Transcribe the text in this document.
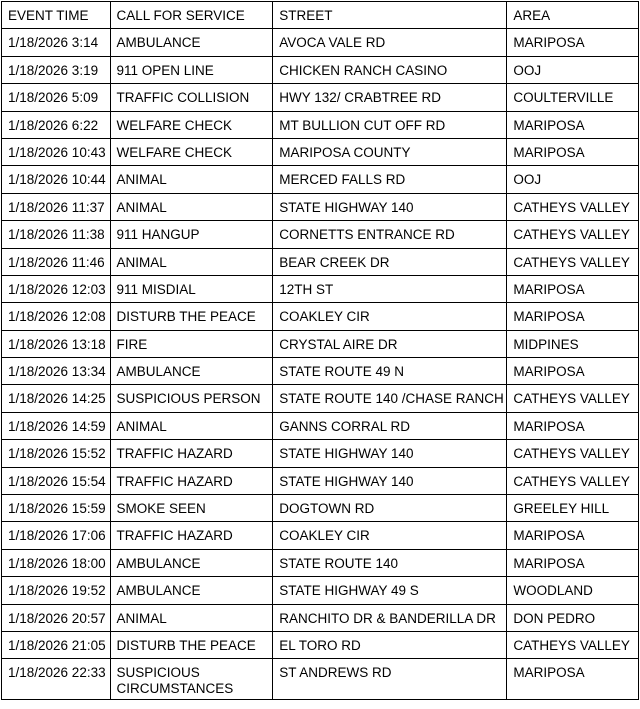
EVENT TIME	CALL FOR SERVICE	STREET	AREA
1/18/2026 3:14	AMBULANCE	AVOCA VALE RD	MARIPOSA
1/18/2026 3:19	911 OPEN LINE	CHICKEN RANCH CASINO	OOJ
1/18/2026 5:09	TRAFFIC COLLISION	HWY 132/ CRABTREE RD	COULTERVILLE
1/18/2026 6:22	WELFARE CHECK	MT BULLION CUT OFF RD	MARIPOSA
1/18/2026 10:43	WELFARE CHECK	MARIPOSA COUNTY	MARIPOSA
1/18/2026 10:44	ANIMAL	MERCED FALLS RD	OOJ
1/18/2026 11:37	ANIMAL	STATE HIGHWAY 140	CATHEYS VALLEY
1/18/2026 11:38	911 HANGUP	CORNETTS ENTRANCE RD	CATHEYS VALLEY
1/18/2026 11:46	ANIMAL	BEAR CREEK DR	CATHEYS VALLEY
1/18/2026 12:03	911 MISDIAL	12TH ST	MARIPOSA
1/18/2026 12:08	DISTURB THE PEACE	COAKLEY CIR	MARIPOSA
1/18/2026 13:18	FIRE	CRYSTAL AIRE DR	MIDPINES
1/18/2026 13:34	AMBULANCE	STATE ROUTE 49 N	MARIPOSA
1/18/2026 14:25	SUSPICIOUS PERSON	STATE ROUTE 140 /CHASE RANCH	CATHEYS VALLEY
1/18/2026 14:59	ANIMAL	GANNS CORRAL RD	MARIPOSA
1/18/2026 15:52	TRAFFIC HAZARD	STATE HIGHWAY 140	CATHEYS VALLEY
1/18/2026 15:54	TRAFFIC HAZARD	STATE HIGHWAY 140	CATHEYS VALLEY
1/18/2026 15:59	SMOKE SEEN	DOGTOWN RD	GREELEY HILL
1/18/2026 17:06	TRAFFIC HAZARD	COAKLEY CIR	MARIPOSA
1/18/2026 18:00	AMBULANCE	STATE ROUTE 140	MARIPOSA
1/18/2026 19:52	AMBULANCE	STATE HIGHWAY 49 S	WOODLAND
1/18/2026 20:57	ANIMAL	RANCHITO DR & BANDERILLA DR	DON PEDRO
1/18/2026 21:05	DISTURB THE PEACE	EL TORO RD	CATHEYS VALLEY
1/18/2026 22:33	SUSPICIOUS CIRCUMSTANCES	ST ANDREWS RD	MARIPOSA
